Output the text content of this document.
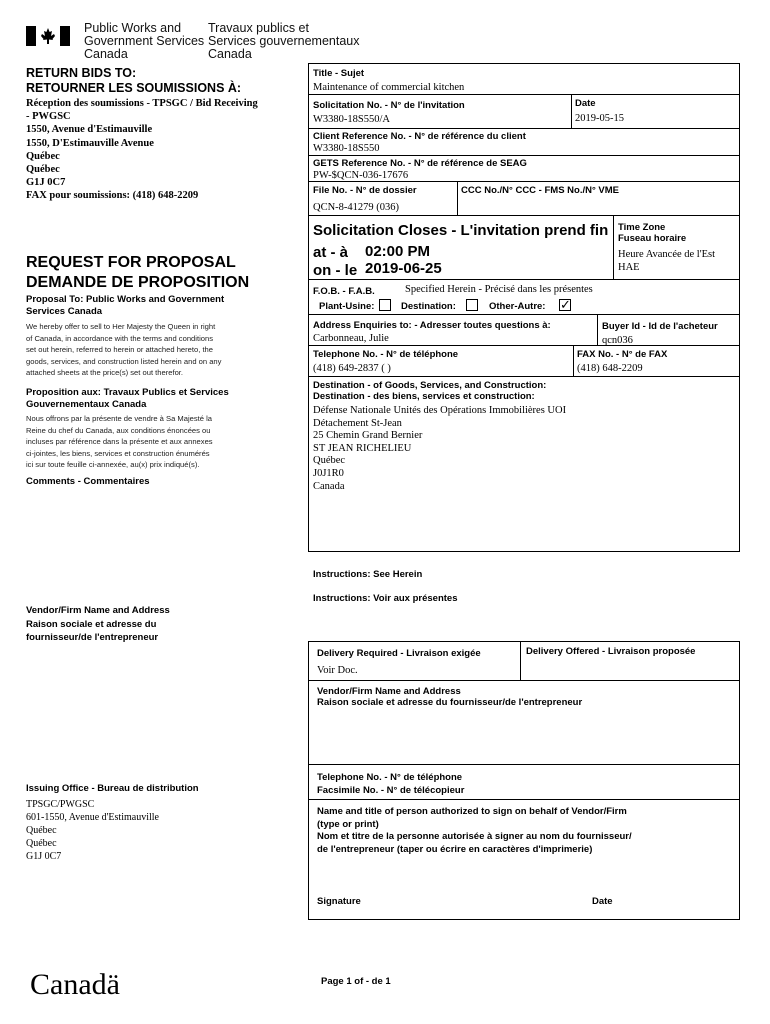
Public Works and
Government Services
Canada
Travaux publics et
Services gouvernementaux
Canada
RETURN BIDS TO:
RETOURNER LES SOUMISSIONS À:
Réception des soumissions - TPSGC / Bid Receiving
- PWGSC
1550, Avenue d'Estimauville
1550, D'Estimauville Avenue
Québec
Québec
G1J 0C7
FAX pour soumissions: (418) 648-2209
REQUEST FOR PROPOSAL
DEMANDE DE PROPOSITION
Proposal To: Public Works and Government
Services Canada
We hereby offer to sell to Her Majesty the Queen in right
of Canada, in accordance with the terms and conditions
set out herein, referred to herein or attached hereto, the
goods, services, and construction listed herein and on any
attached sheets at the price(s) set out therefor.
Proposition aux: Travaux Publics et Services
Gouvernementaux Canada
Nous offrons par la présente de vendre à Sa Majesté la
Reine du chef du Canada, aux conditions énoncées ou
incluses par référence dans la présente et aux annexes
ci-jointes, les biens, services et construction énumérés
ici sur toute feuille ci-annexée, au(x) prix indiqué(s).
Comments - Commentaires
Vendor/Firm Name and Address
Raison sociale et adresse du
fournisseur/de l'entrepreneur
Issuing Office - Bureau de distribution
TPSGC/PWGSC
601-1550, Avenue d'Estimauville
Québec
Québec
G1J 0C7
Title - Sujet
Maintenance of commercial kitchen
Solicitation No. - N° de l'invitation
W3380-18S550/A
Date
2019-05-15
Client Reference No. - N° de référence du client
W3380-18S550
GETS Reference No. - N° de référence de SEAG
PW-$QCN-036-17676
File No. - N° de dossier
QCN-8-41279 (036)
CCC No./N° CCC - FMS No./N° VME
Solicitation Closes - L'invitation prend fin
at - à 02:00 PM
on - le 2019-06-25
Time Zone
Fuseau horaire
Heure Avancée de l'Est
HAE
F.O.B. - F.A.B.	Specified Herein - Précisé dans les présentes
Plant-Usine:	Destination:	Other-Autre: ✓
Address Enquiries to: - Adresser toutes questions à:
Carbonneau, Julie
Buyer Id - Id de l'acheteur
qcn036
Telephone No. - N° de téléphone
(418) 649-2837 ( )
FAX No. - N° de FAX
(418) 648-2209
Destination - of Goods, Services, and Construction:
Destination - des biens, services et construction:
Défense Nationale Unités des Opérations Immobilières UOI
Détachement St-Jean
25 Chemin Grand Bernier
ST JEAN RICHELIEU
Québec
J0J1R0
Canada
Instructions: See Herein
Instructions: Voir aux présentes
Delivery Required - Livraison exigée
Voir Doc.
Delivery Offered - Livraison proposée
Vendor/Firm Name and Address
Raison sociale et adresse du fournisseur/de l'entrepreneur
Telephone No. - N° de téléphone
Facsimile No. - N° de télécopieur
Name and title of person authorized to sign on behalf of Vendor/Firm
(type or print)
Nom et titre de la personne autorisée à signer au nom du fournisseur/
de l'entrepreneur (taper ou écrire en caractères d'imprimerie)
Signature	Date
Canadä	Page 1 of - de 1
